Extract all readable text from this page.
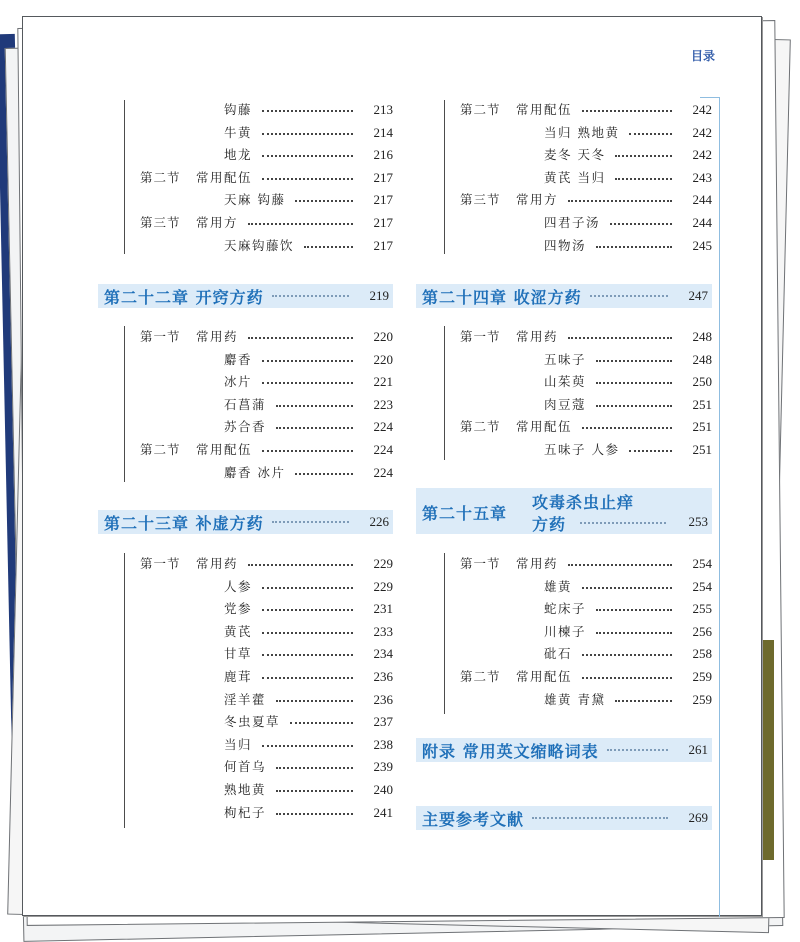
目录
钩藤	213
牛黄	214
地龙	216
第二节	常用配伍	217
天麻 钩藤	217
第三节	常用方	217
天麻钩藤饮	217
第二十二章 开窍方药	219
第一节	常用药	220
麝香	220
冰片	221
石菖蒲	223
苏合香	224
第二节	常用配伍	224
麝香 冰片	224
第二十三章 补虚方药	226
第一节	常用药	229
人参	229
党参	231
黄芪	233
甘草	234
鹿茸	236
淫羊藿	236
冬虫夏草	237
当归	238
何首乌	239
熟地黄	240
枸杞子	241
第二节	常用配伍	242
当归 熟地黄	242
麦冬 天冬	242
黄芪 当归	243
第三节	常用方	244
四君子汤	244
四物汤	245
第二十四章 收涩方药	247
第一节	常用药	248
五味子	248
山茱萸	250
肉豆蔻	251
第二节	常用配伍	251
五味子 人参	251
第二十五章
攻毒杀虫止痒
方药	253
第一节	常用药	254
雄黄	254
蛇床子	255
川楝子	256
砒石	258
第二节	常用配伍	259
雄黄 青黛	259
附录 常用英文缩略词表	261
主要参考文献	269
